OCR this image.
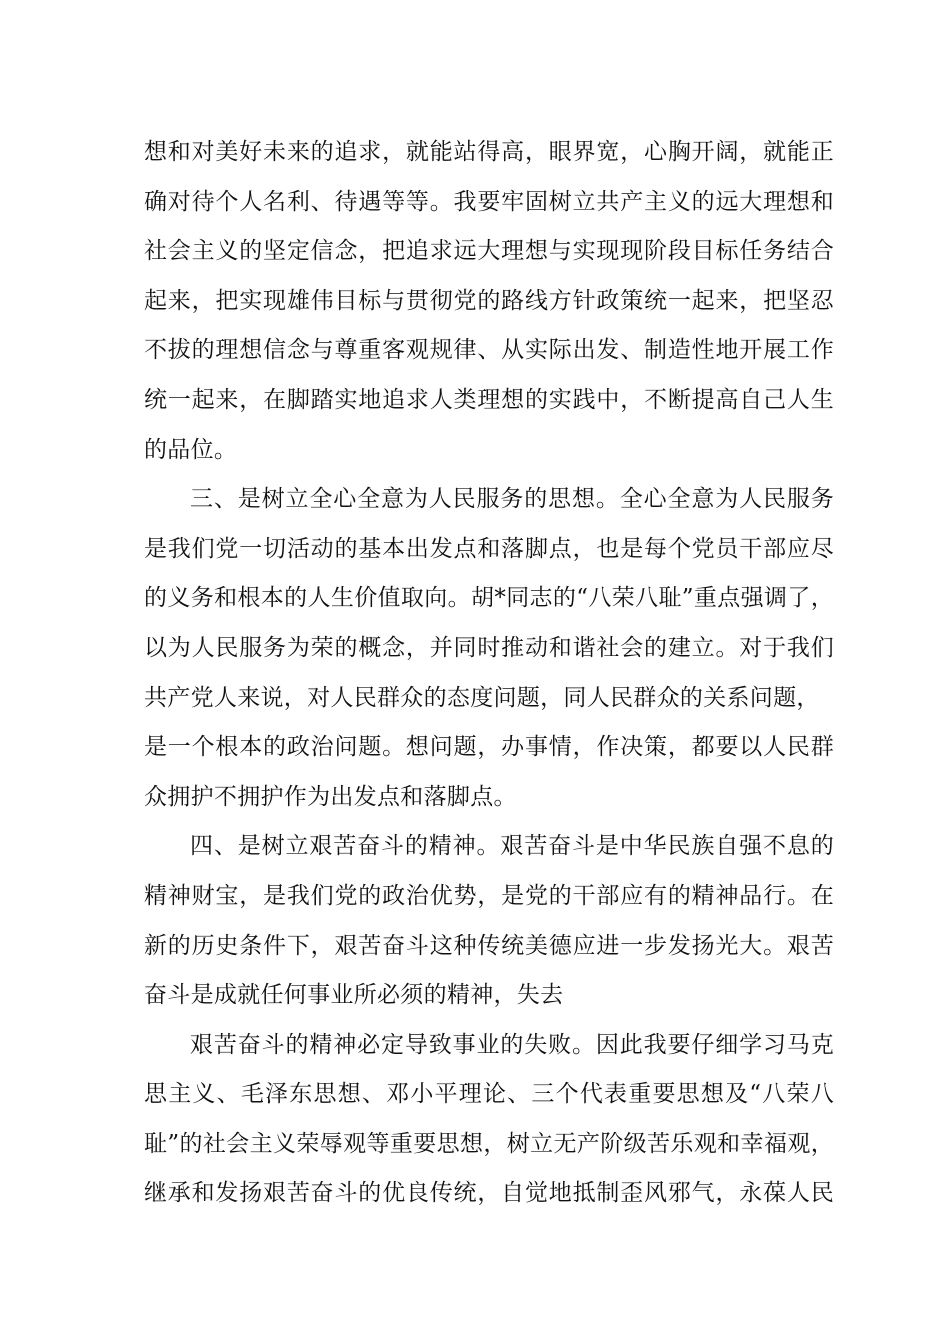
想和对美好未来的追求，就能站得高，眼界宽，心胸开阔，就能正
确对待个人名利、待遇等等。我要牢固树立共产主义的远大理想和
社会主义的坚定信念，把追求远大理想与实现现阶段目标任务结合
起来，把实现雄伟目标与贯彻党的路线方针政策统一起来，把坚忍
不拔的理想信念与尊重客观规律、从实际出发、制造性地开展工作
统一起来，在脚踏实地追求人类理想的实践中，不断提高自己人生
的品位。
三、是树立全心全意为人民服务的思想。全心全意为人民服务
是我们党一切活动的基本出发点和落脚点，也是每个党员干部应尽
的义务和根本的人生价值取向。胡*同志的“八荣八耻”重点强调了，
以为人民服务为荣的概念，并同时推动和谐社会的建立。对于我们
共产党人来说，对人民群众的态度问题，同人民群众的关系问题，
是一个根本的政治问题。想问题，办事情，作决策，都要以人民群
众拥护不拥护作为出发点和落脚点。
四、是树立艰苦奋斗的精神。艰苦奋斗是中华民族自强不息的
精神财宝，是我们党的政治优势，是党的干部应有的精神品行。在
新的历史条件下，艰苦奋斗这种传统美德应进一步发扬光大。艰苦
奋斗是成就任何事业所必须的精神，失去
艰苦奋斗的精神必定导致事业的失败。因此我要仔细学习马克
思主义、毛泽东思想、邓小平理论、三个代表重要思想及“八荣八
耻”的社会主义荣辱观等重要思想，树立无产阶级苦乐观和幸福观，
继承和发扬艰苦奋斗的优良传统，自觉地抵制歪风邪气，永葆人民
